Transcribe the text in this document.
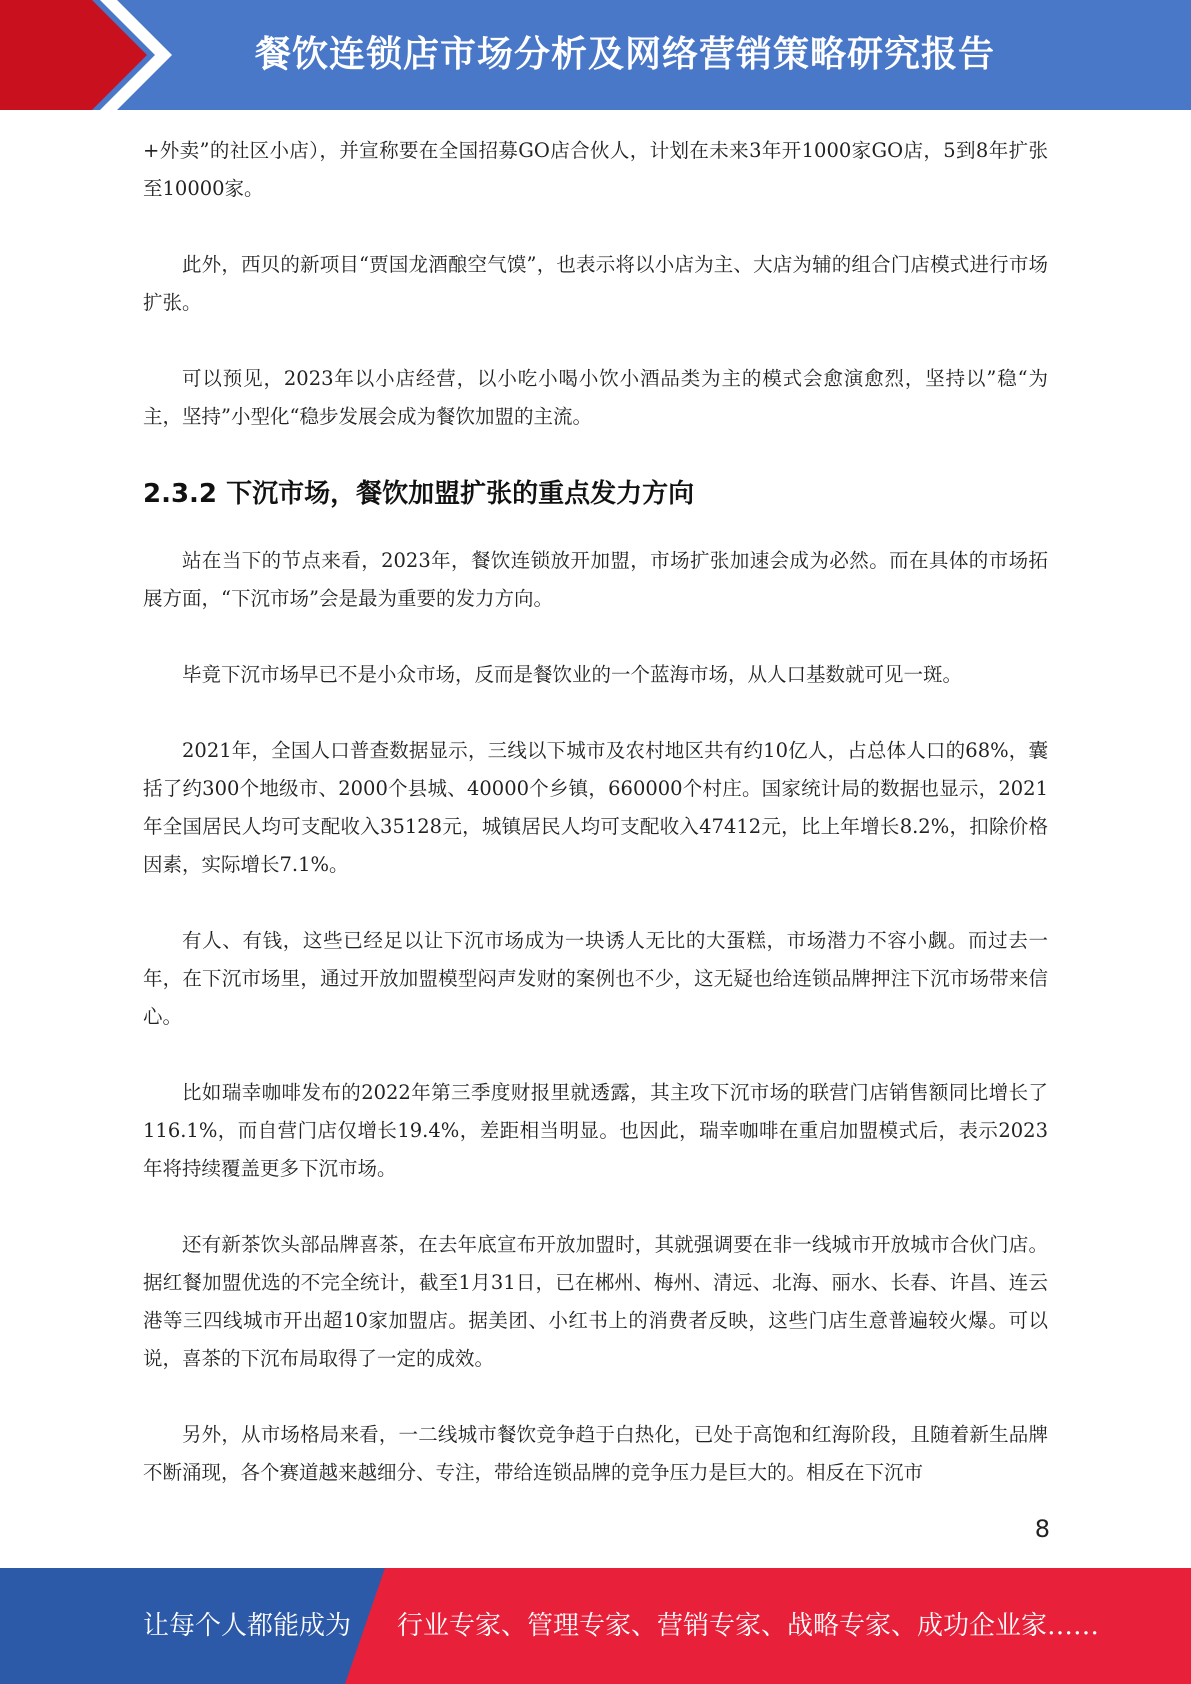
餐饮连锁店市场分析及网络营销策略研究报告

+外卖”的社区小店），并宣称要在全国招募GO店合伙人，计划在未来3年开1000家GO店，5到8年扩张至10000家。

此外，西贝的新项目“贾国龙酒酿空气馍”，也表示将以小店为主、大店为辅的组合门店模式进行市场扩张。

可以预见，2023年以小店经营，以小吃小喝小饮小酒品类为主的模式会愈演愈烈，坚持以”稳“为主，坚持”小型化“稳步发展会成为餐饮加盟的主流。

2.3.2 下沉市场，餐饮加盟扩张的重点发力方向

站在当下的节点来看，2023年，餐饮连锁放开加盟，市场扩张加速会成为必然。而在具体的市场拓展方面，“下沉市场”会是最为重要的发力方向。

毕竟下沉市场早已不是小众市场，反而是餐饮业的一个蓝海市场，从人口基数就可见一斑。

2021年，全国人口普查数据显示，三线以下城市及农村地区共有约10亿人，占总体人口的68%，囊括了约300个地级市、2000个县城、40000个乡镇，660000个村庄。国家统计局的数据也显示，2021年全国居民人均可支配收入35128元，城镇居民人均可支配收入47412元，比上年增长8.2%，扣除价格因素，实际增长7.1%。

有人、有钱，这些已经足以让下沉市场成为一块诱人无比的大蛋糕，市场潜力不容小觑。而过去一年，在下沉市场里，通过开放加盟模型闷声发财的案例也不少，这无疑也给连锁品牌押注下沉市场带来信心。

比如瑞幸咖啡发布的2022年第三季度财报里就透露，其主攻下沉市场的联营门店销售额同比增长了116.1%，而自营门店仅增长19.4%，差距相当明显。也因此，瑞幸咖啡在重启加盟模式后，表示2023年将持续覆盖更多下沉市场。

还有新茶饮头部品牌喜茶，在去年底宣布开放加盟时，其就强调要在非一线城市开放城市合伙门店。据红餐加盟优选的不完全统计，截至1月31日，已在郴州、梅州、清远、北海、丽水、长春、许昌、连云港等三四线城市开出超10家加盟店。据美团、小红书上的消费者反映，这些门店生意普遍较火爆。可以说，喜茶的下沉布局取得了一定的成效。

另外，从市场格局来看，一二线城市餐饮竞争趋于白热化，已处于高饱和红海阶段，且随着新生品牌不断涌现，各个赛道越来越细分、专注，带给连锁品牌的竞争压力是巨大的。相反在下沉市

8
让每个人都能成为 行业专家、管理专家、营销专家、战略专家、成功企业家……
